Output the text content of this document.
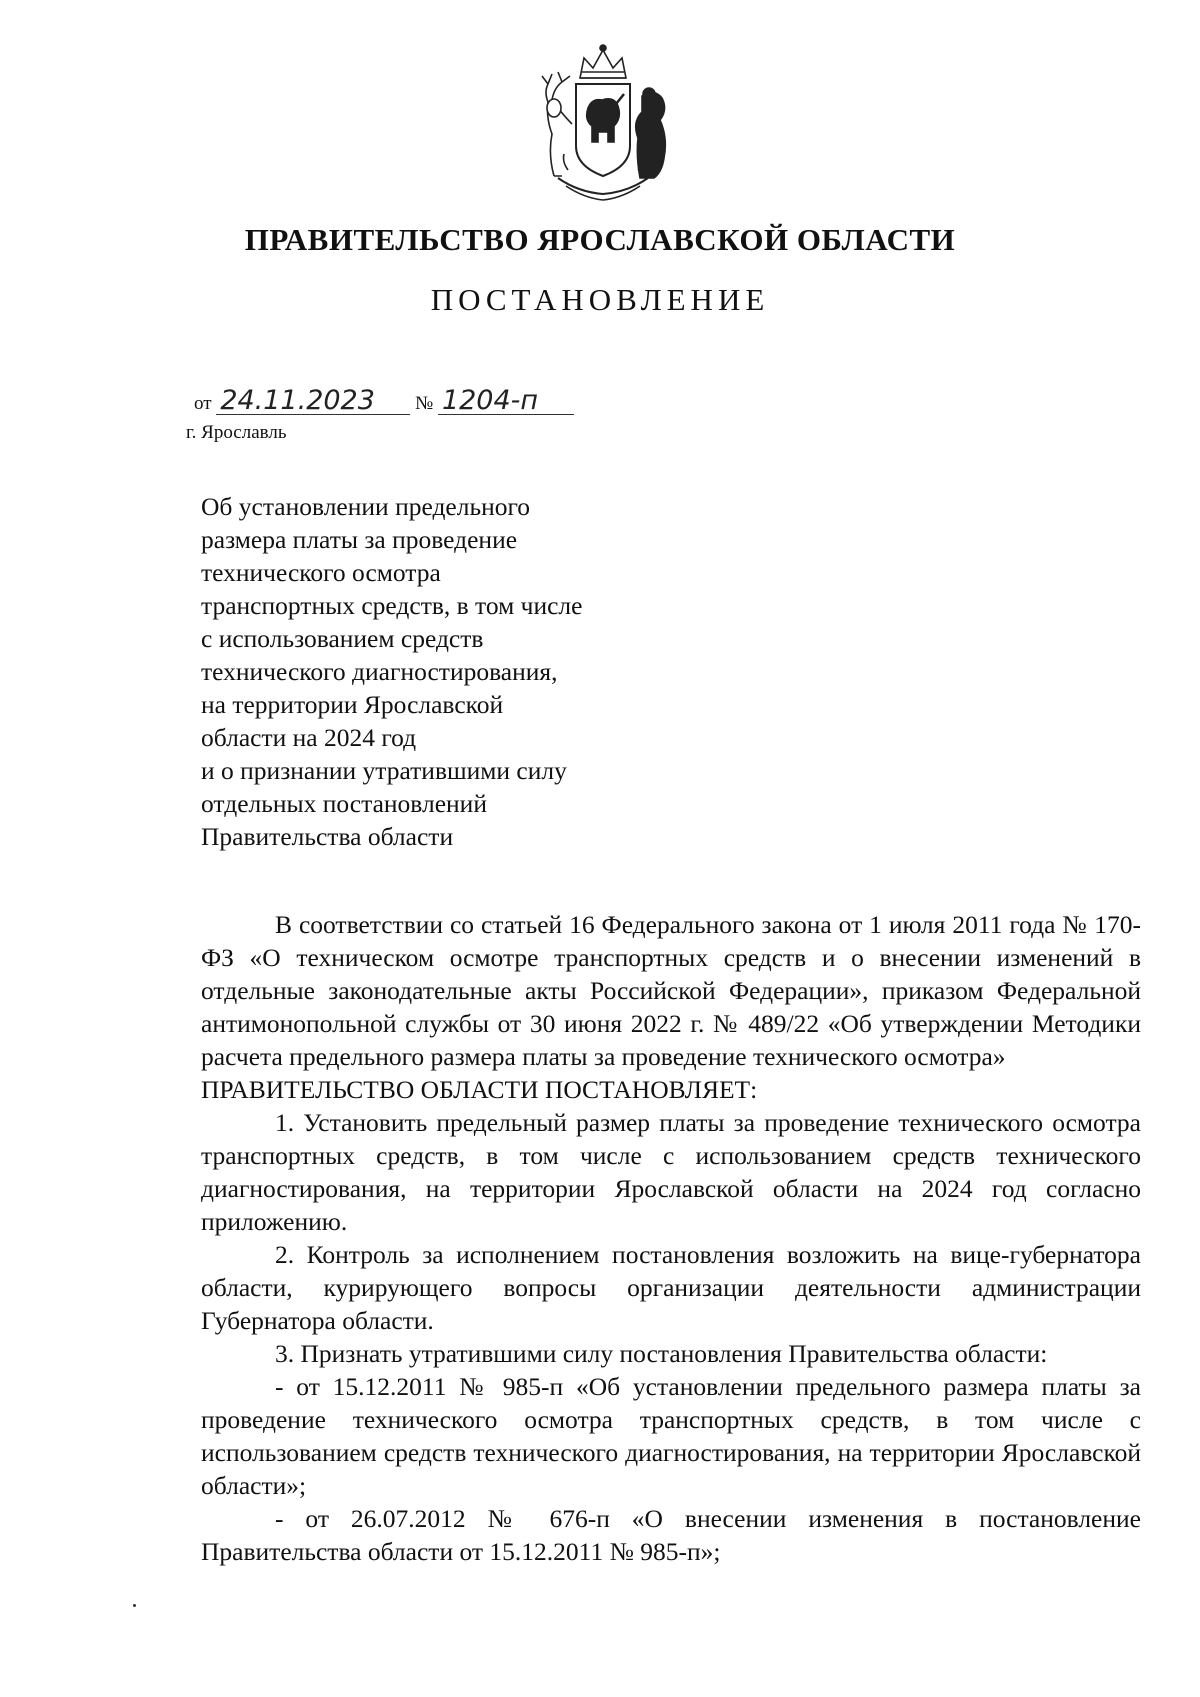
ПРАВИТЕЛЬСТВО ЯРОСЛАВСКОЙ ОБЛАСТИ
ПОСТАНОВЛЕНИЕ
от 24.11.2023 № 1204-п
г. Ярославль
Об установлении предельного
размера платы за проведение
технического осмотра
транспортных средств, в том числе
с использованием средств
технического диагностирования,
на территории Ярославской
области на 2024 год
и о признании утратившими силу
отдельных постановлений
Правительства области

В соответствии со статьей 16 Федерального закона от 1 июля 2011 года № 170-ФЗ «О техническом осмотре транспортных средств и о внесении изменений в отдельные законодательные акты Российской Федерации», приказом Федеральной антимонопольной службы от 30 июня 2022 г. № 489/22 «Об утверждении Методики расчета предельного размера платы за проведение технического осмотра»

ПРАВИТЕЛЬСТВО ОБЛАСТИ ПОСТАНОВЛЯЕТ:

1. Установить предельный размер платы за проведение технического осмотра транспортных средств, в том числе с использованием средств технического диагностирования, на территории Ярославской области на 2024 год согласно приложению.

2. Контроль за исполнением постановления возложить на вице-губернатора области, курирующего вопросы организации деятельности администрации Губернатора области.

3. Признать утратившими силу постановления Правительства области:

- от 15.12.2011 № 985-п «Об установлении предельного размера платы за проведение технического осмотра транспортных средств, в том числе с использованием средств технического диагностирования, на территории Ярославской области»;

- от 26.07.2012 № 676-п «О внесении изменения в постановление Правительства области от 15.12.2011 № 985-п»;
